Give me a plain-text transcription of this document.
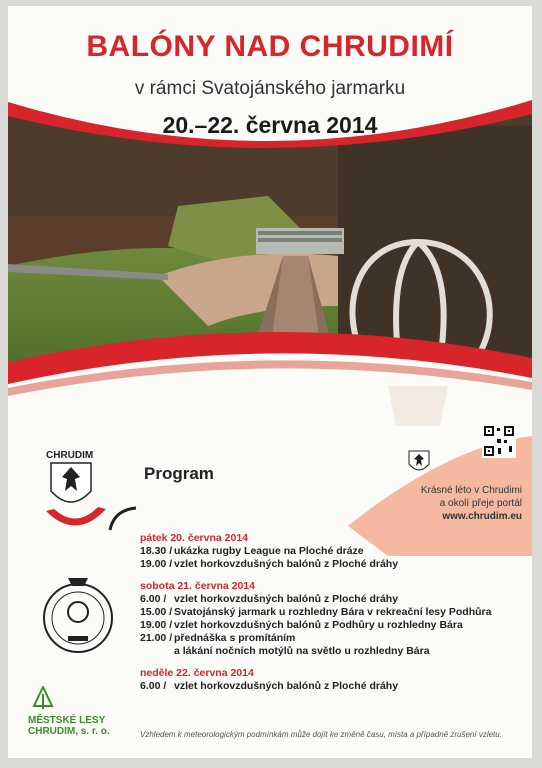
BALÓNY NAD CHRUDIMÍ
v rámci Svatojánského jarmarku
20.–22. června 2014
CHRUDIM
Program
Krásné léto v Chrudimi
a okolí přeje portál
www.chrudim.eu
pátek 20. června 2014
18.30 / ukázka rugby League na Ploché dráze
19.00 / vzlet horkovzdušných balónů z Ploché dráhy
sobota 21. června 2014
6.00 / vzlet horkovzdušných balónů z Ploché dráhy
15.00 / Svatojánský jarmark u rozhledny Bára v rekreační lesy Podhůra
19.00 / vzlet horkovzdušných balónů z Podhůry u rozhledny Bára
21.00 / přednáška s promítáním
a lákání nočních motýlů na světlo u rozhledny Bára
neděle 22. června 2014
6.00 / vzlet horkovzdušných balónů z Ploché dráhy
MĚSTSKÉ LESY
CHRUDIM, s. r. o.	Vzhledem k meteorologickým podmínkám může dojít ke změně času, místa a případně zrušení vzletu.
